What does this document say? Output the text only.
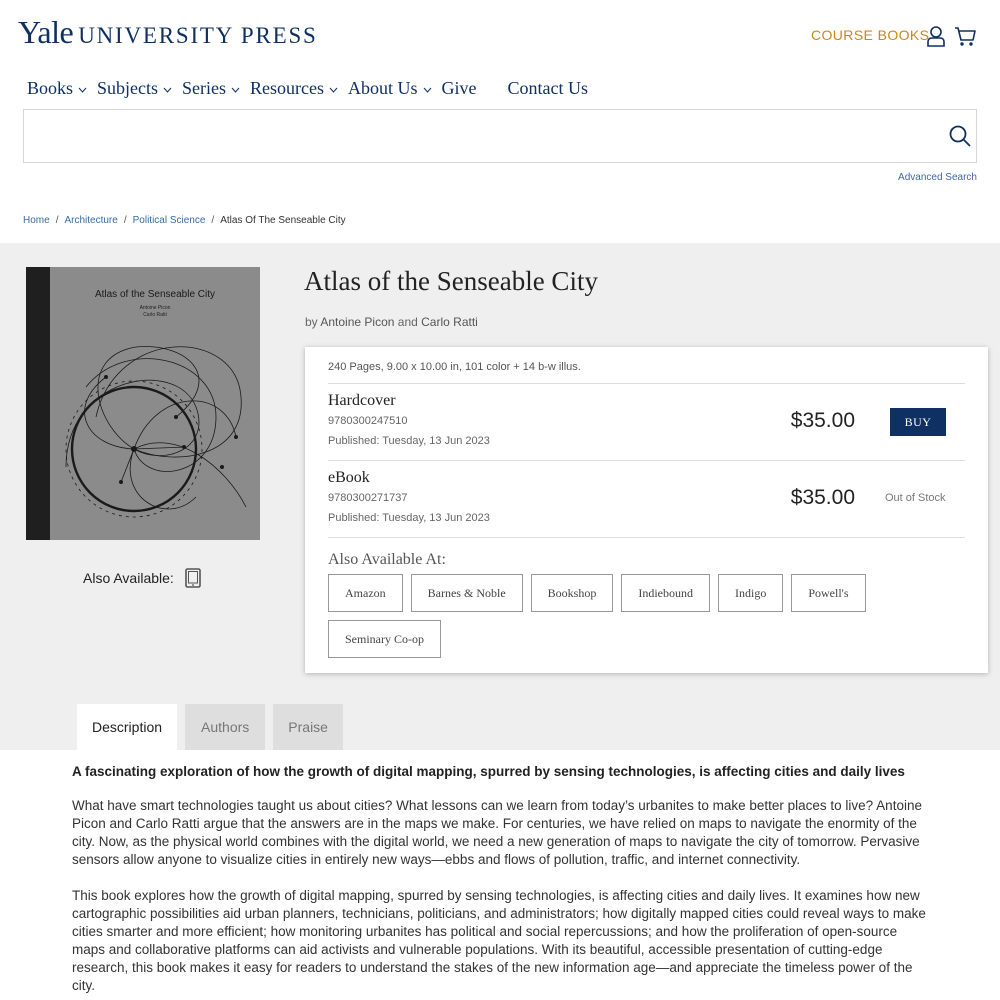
Yale UNIVERSITY PRESS	COURSE BOOKS
Books Subjects Series Resources About Us Give Contact Us
Advanced Search
Home / Architecture / Political Science / Atlas Of The Senseable City
Atlas of the Senseable City
Antoine Picon
Carlo Ratti
Also Available:
Atlas of the Senseable City
by Antoine Picon and Carlo Ratti
240 Pages, 9.00 x 10.00 in, 101 color + 14 b-w illus.
Hardcover
9780300247510
Published: Tuesday, 13 Jun 2023
$35.00	BUY
eBook
9780300271737
Published: Tuesday, 13 Jun 2023
$35.00	Out of Stock
Also Available At:
Amazon	Barnes & Noble	Bookshop	Indiebound	Indigo	Powell's
Seminary Co-op
Description	Authors	Praise
A fascinating exploration of how the growth of digital mapping, spurred by sensing technologies, is affecting cities and daily lives

What have smart technologies taught us about cities? What lessons can we learn from today’s urbanites to make better places to live? Antoine Picon and Carlo Ratti argue that the answers are in the maps we make. For centuries, we have relied on maps to navigate the enormity of the city. Now, as the physical world combines with the digital world, we need a new generation of maps to navigate the city of tomorrow. Pervasive sensors allow anyone to visualize cities in entirely new ways—ebbs and flows of pollution, traffic, and internet connectivity.

This book explores how the growth of digital mapping, spurred by sensing technologies, is affecting cities and daily lives. It examines how new cartographic possibilities aid urban planners, technicians, politicians, and administrators; how digitally mapped cities could reveal ways to make cities smarter and more efficient; how monitoring urbanites has political and social repercussions; and how the proliferation of open-source maps and collaborative platforms can aid activists and vulnerable populations. With its beautiful, accessible presentation of cutting-edge research, this book makes it easy for readers to understand the stakes of the new information age—and appreciate the timeless power of the city.
